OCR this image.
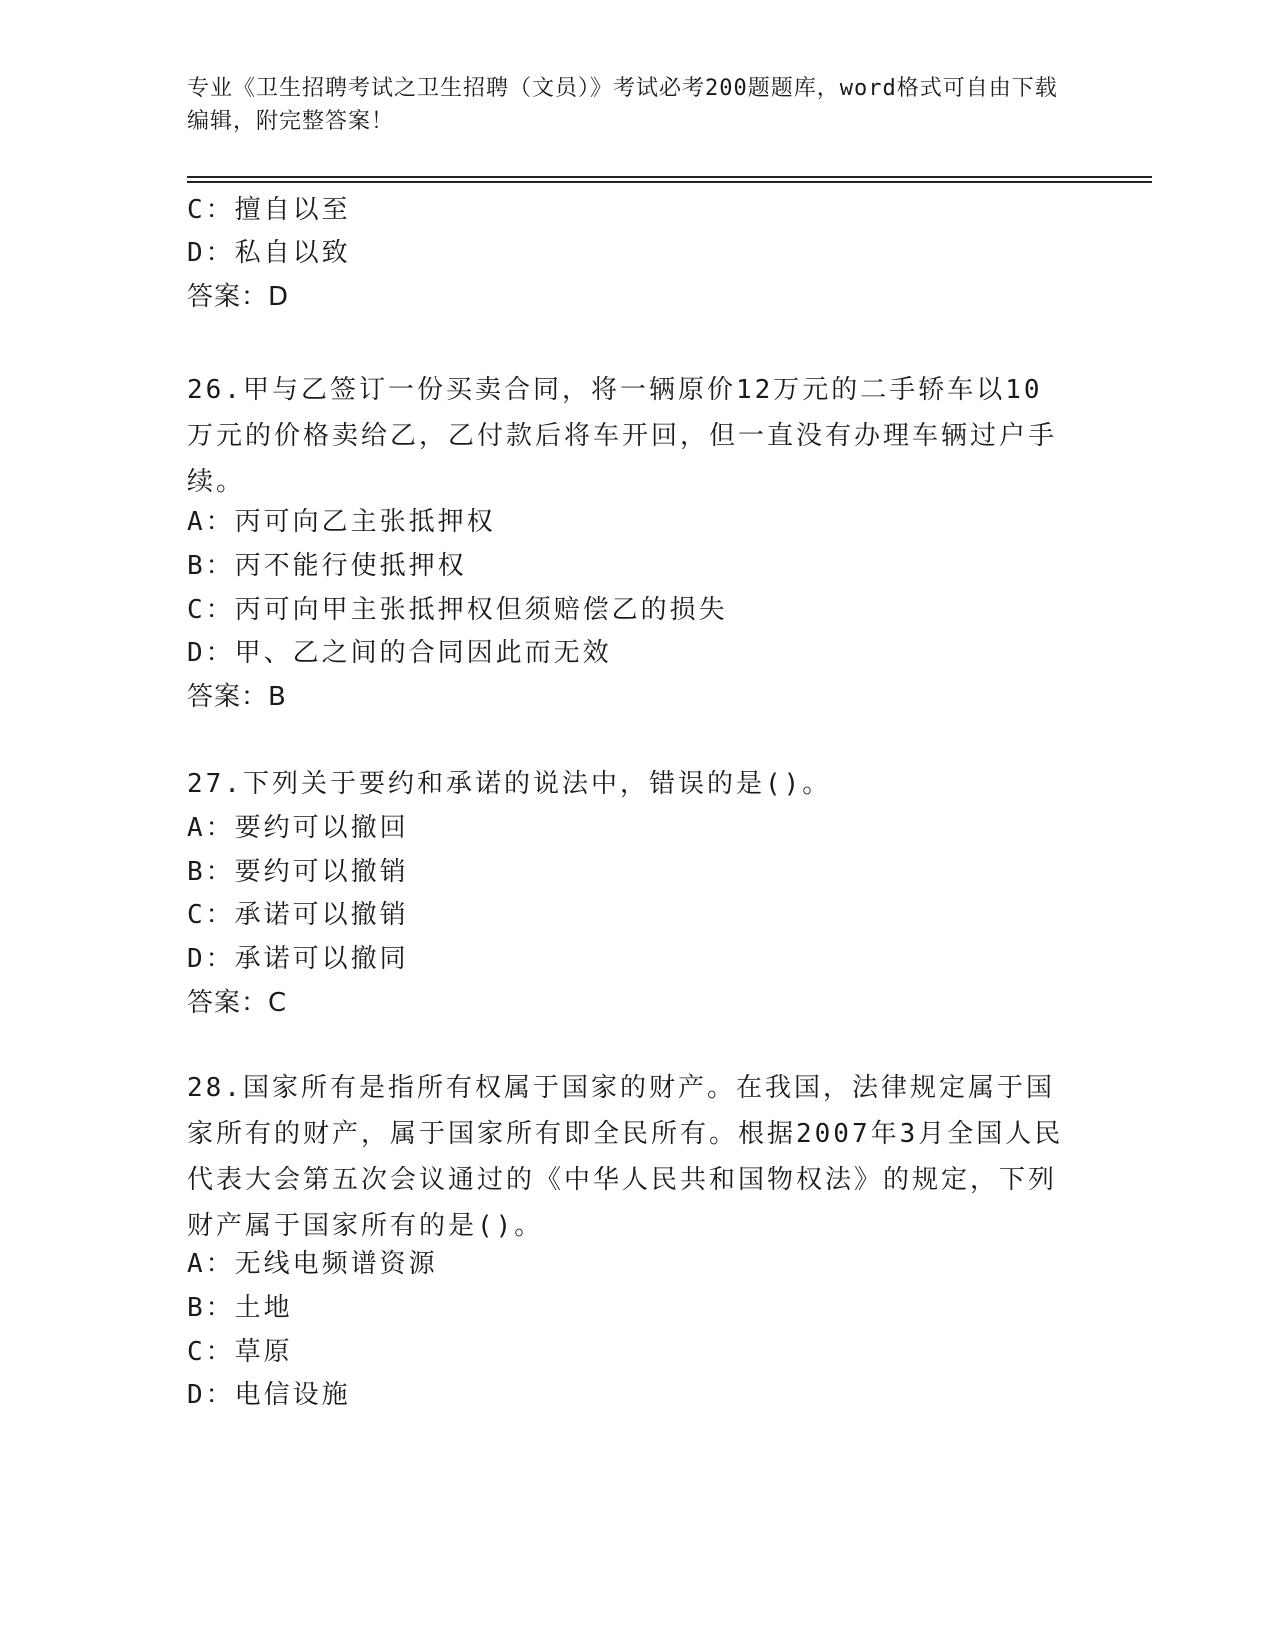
专业《卫生招聘考试之卫生招聘（文员）》考试必考200题题库，word格式可自由下载编辑，附完整答案！
C：擅自以至
D：私自以致
答案：D
26.甲与乙签订一份买卖合同，将一辆原价12万元的二手轿车以10万元的价格卖给乙，乙付款后将车开回，但一直没有办理车辆过户手续。
A：丙可向乙主张抵押权
B：丙不能行使抵押权
C：丙可向甲主张抵押权但须赔偿乙的损失
D：甲、乙之间的合同因此而无效
答案：B
27.下列关于要约和承诺的说法中，错误的是()。
A：要约可以撤回
B：要约可以撤销
C：承诺可以撤销
D：承诺可以撤同
答案：C
28.国家所有是指所有权属于国家的财产。在我国，法律规定属于国家所有的财产，属于国家所有即全民所有。根据2007年3月全国人民代表大会第五次会议通过的《中华人民共和国物权法》的规定，下列财产属于国家所有的是()。
A：无线电频谱资源
B：土地
C：草原
D：电信设施
